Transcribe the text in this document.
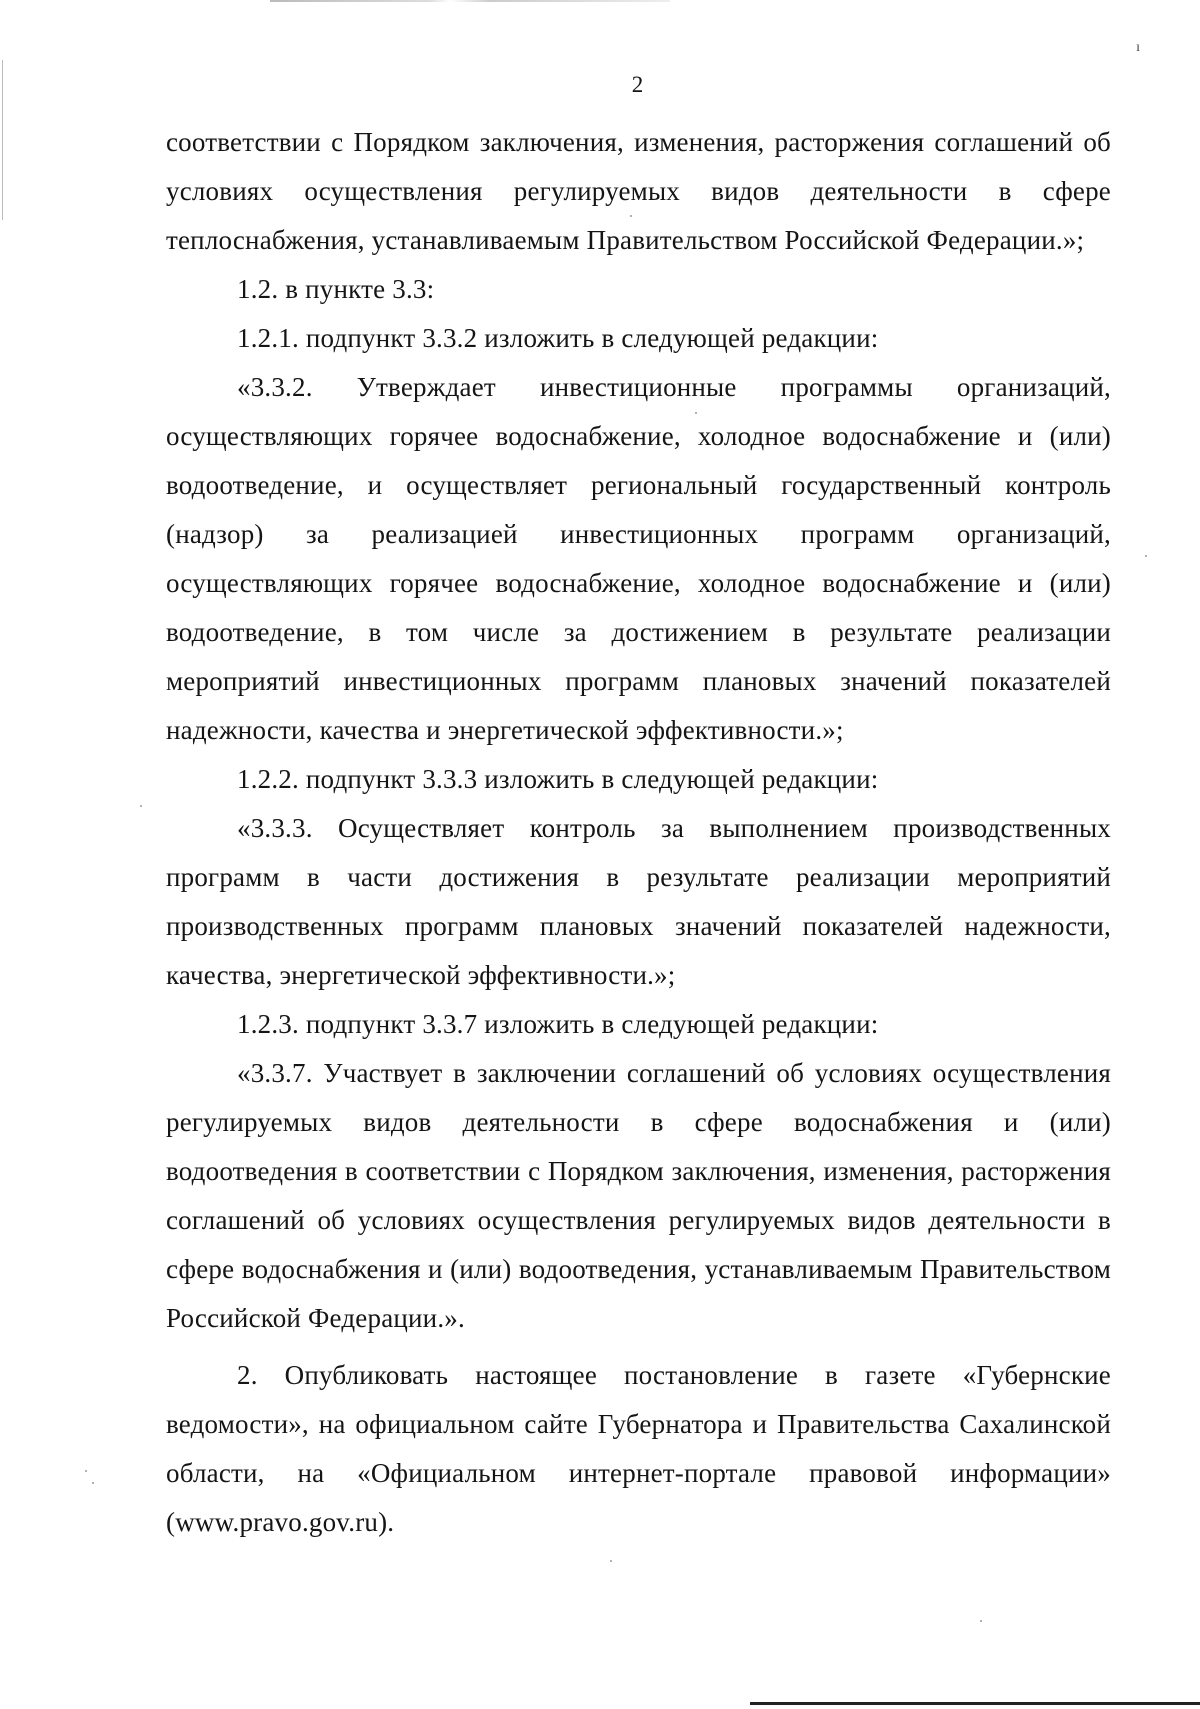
ı
2

соответствии с Порядком заключения, изменения, расторжения соглашений об условиях осуществления регулируемых видов деятельности в сфере теплоснабжения, устанавливаемым Правительством Российской Федерации.»;

1.2. в пункте 3.3:

1.2.1. подпункт 3.3.2 изложить в следующей редакции:

«3.3.2. Утверждает инвестиционные программы организаций, осуществляющих горячее водоснабжение, холодное водоснабжение и (или) водоотведение, и осуществляет региональный государственный контроль (надзор) за реализацией инвестиционных программ организаций, осуществляющих горячее водоснабжение, холодное водоснабжение и (или) водоотведение, в том числе за достижением в результате реализации мероприятий инвестиционных программ плановых значений показателей надежности, качества и энергетической эффективности.»;

1.2.2. подпункт 3.3.3 изложить в следующей редакции:

«3.3.3. Осуществляет контроль за выполнением производственных программ в части достижения в результате реализации мероприятий производственных программ плановых значений показателей надежности, качества, энергетической эффективности.»;

1.2.3. подпункт 3.3.7 изложить в следующей редакции:

«3.3.7. Участвует в заключении соглашений об условиях осуществления регулируемых видов деятельности в сфере водоснабжения и (или) водоотведения в соответствии с Порядком заключения, изменения, расторжения соглашений об условиях осуществления регулируемых видов деятельности в сфере водоснабжения и (или) водоотведения, устанавливаемым Правительством Российской Федерации.».

2. Опубликовать настоящее постановление в газете «Губернские ведомости», на официальном сайте Губернатора и Правительства Сахалинской области, на «Официальном интернет-портале правовой информации» (www.pravo.gov.ru).
